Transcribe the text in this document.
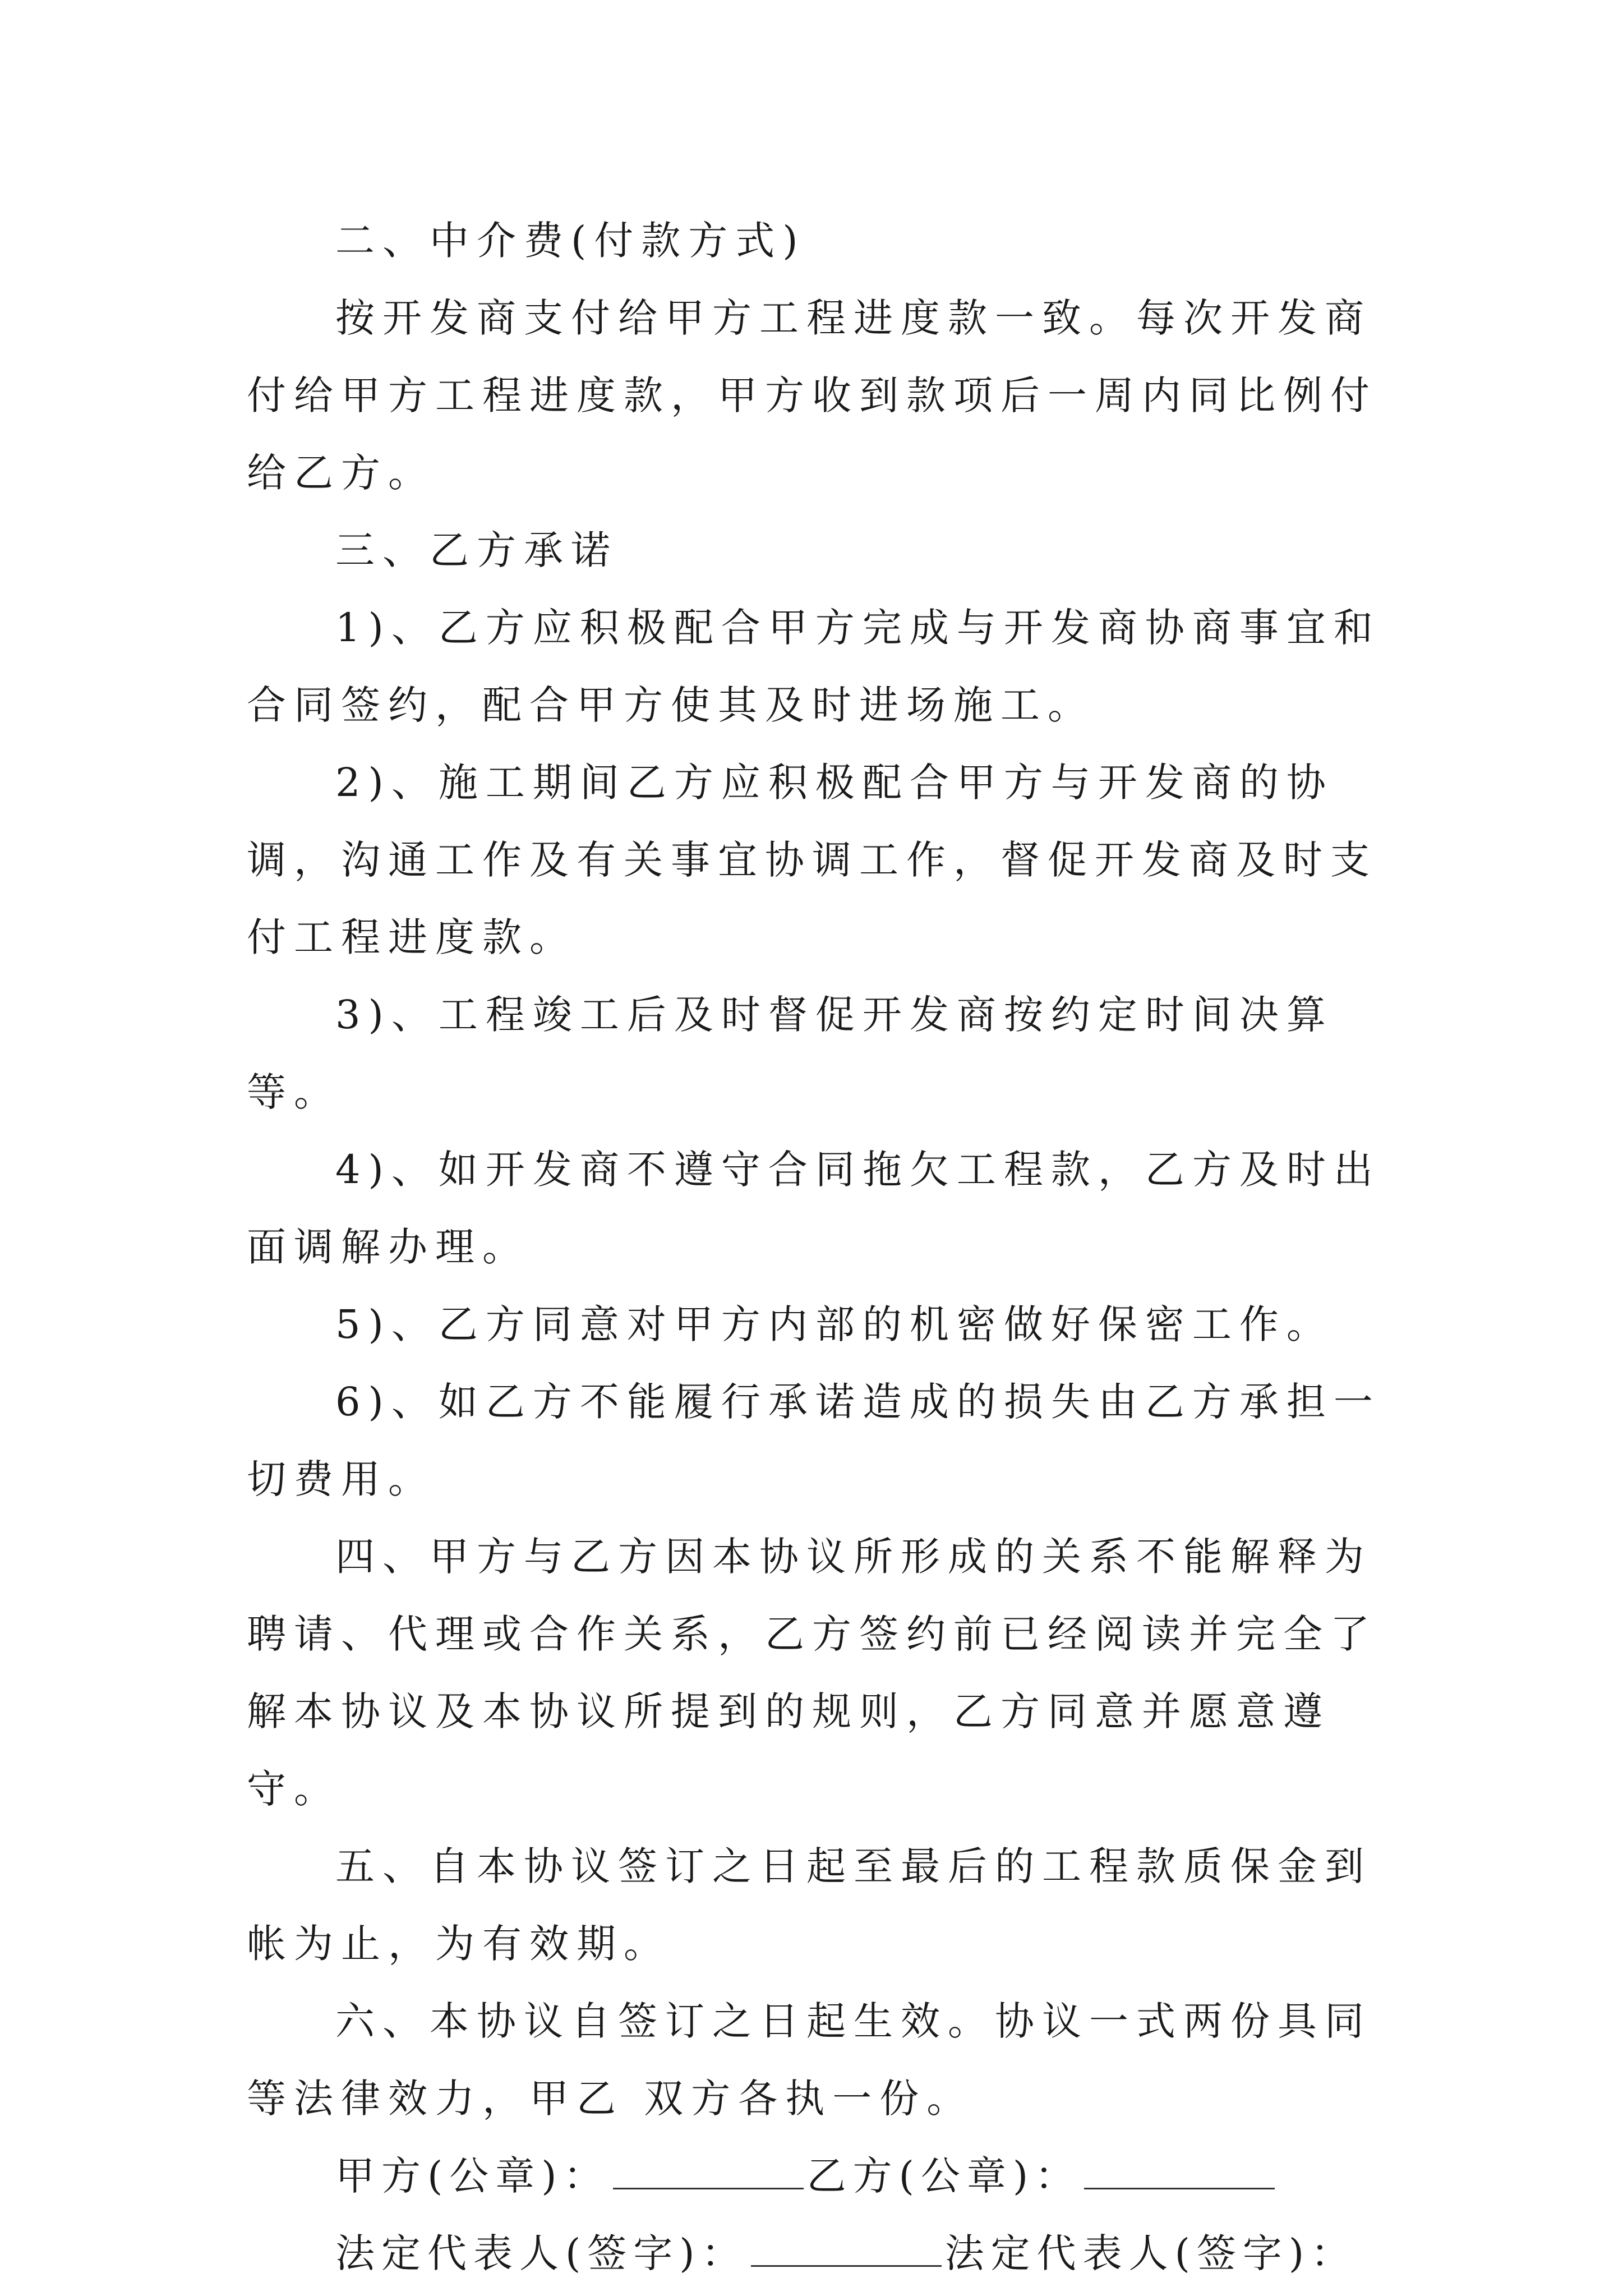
二、中介费(付款方式)

按开发商支付给甲方工程进度款一致。每次开发商付给甲方工程进度款，甲方收到款项后一周内同比例付给乙方。

三、乙方承诺

1)、乙方应积极配合甲方完成与开发商协商事宜和合同签约，配合甲方使其及时进场施工。

2)、施工期间乙方应积极配合甲方与开发商的协调，沟通工作及有关事宜协调工作，督促开发商及时支付工程进度款。

3)、工程竣工后及时督促开发商按约定时间决算等。

4)、如开发商不遵守合同拖欠工程款，乙方及时出面调解办理。

5)、乙方同意对甲方内部的机密做好保密工作。

6)、如乙方不能履行承诺造成的损失由乙方承担一切费用。

四、甲方与乙方因本协议所形成的关系不能解释为聘请、代理或合作关系，乙方签约前已经阅读并完全了解本协议及本协议所提到的规则，乙方同意并愿意遵守。

五、自本协议签订之日起至最后的工程款质保金到帐为止，为有效期。

六、本协议自签订之日起生效。协议一式两份具同等法律效力，甲乙 双方各执一份。

甲方(公章)：	乙方(公章)：
法定代表人(签字)：	法定代表人(签字)：
